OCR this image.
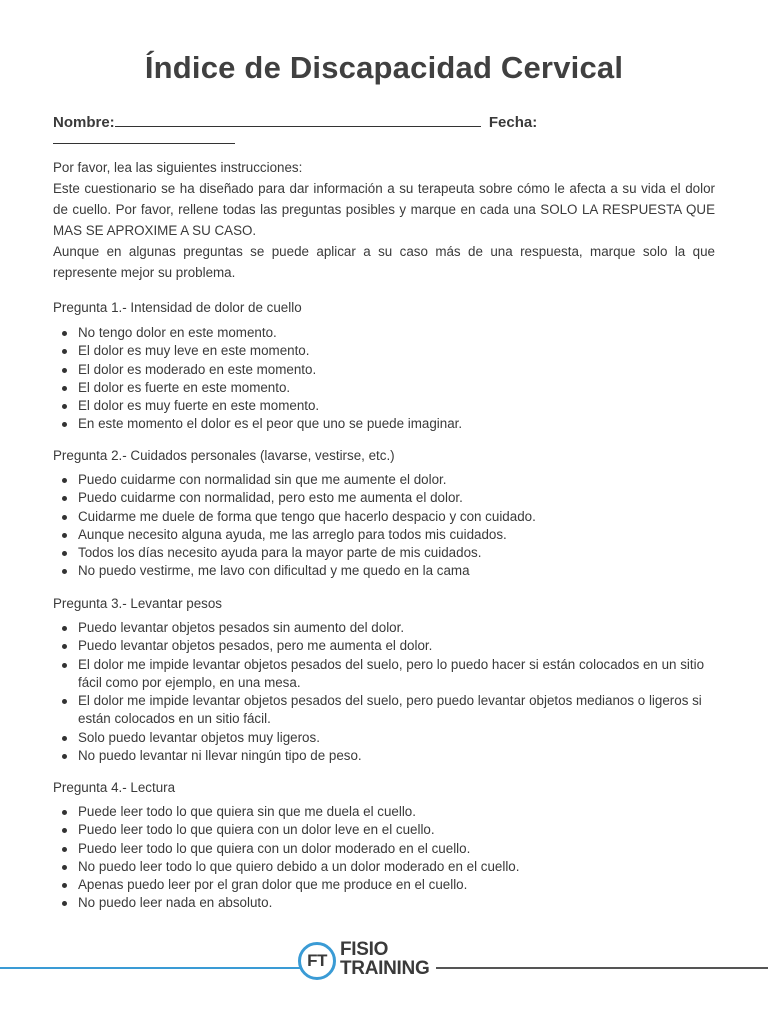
Índice de Discapacidad Cervical
Nombre:	Fecha:

Por favor, lea las siguientes instrucciones:

Este cuestionario se ha diseñado para dar información a su terapeuta sobre cómo le afecta a su vida el dolor de cuello. Por favor, rellene todas las preguntas posibles y marque en cada una SOLO LA RESPUESTA QUE MAS SE APROXIME A SU CASO.

Aunque en algunas preguntas se puede aplicar a su caso más de una respuesta, marque solo la que represente mejor su problema.

Pregunta 1.- Intensidad de dolor de cuello
No tengo dolor en este momento.
El dolor es muy leve en este momento.
El dolor es moderado en este momento.
El dolor es fuerte en este momento.
El dolor es muy fuerte en este momento.
En este momento el dolor es el peor que uno se puede imaginar.
Pregunta 2.- Cuidados personales (lavarse, vestirse, etc.)
Puedo cuidarme con normalidad sin que me aumente el dolor.
Puedo cuidarme con normalidad, pero esto me aumenta el dolor.
Cuidarme me duele de forma que tengo que hacerlo despacio y con cuidado.
Aunque necesito alguna ayuda, me las arreglo para todos mis cuidados.
Todos los días necesito ayuda para la mayor parte de mis cuidados.
No puedo vestirme, me lavo con dificultad y me quedo en la cama
Pregunta 3.- Levantar pesos
Puedo levantar objetos pesados sin aumento del dolor.
Puedo levantar objetos pesados, pero me aumenta el dolor.
El dolor me impide levantar objetos pesados del suelo, pero lo puedo hacer si están colocados en un sitio fácil como por ejemplo, en una mesa.
El dolor me impide levantar objetos pesados del suelo, pero puedo levantar objetos medianos o ligeros si están colocados en un sitio fácil.
Solo puedo levantar objetos muy ligeros.
No puedo levantar ni llevar ningún tipo de peso.
Pregunta 4.- Lectura
Puede leer todo lo que quiera sin que me duela el cuello.
Puedo leer todo lo que quiera con un dolor leve en el cuello.
Puedo leer todo lo que quiera con un dolor moderado en el cuello.
No puedo leer todo lo que quiero debido a un dolor moderado en el cuello.
Apenas puedo leer por el gran dolor que me produce en el cuello.
No puedo leer nada en absoluto.
FT
FISIO
TRAINING
